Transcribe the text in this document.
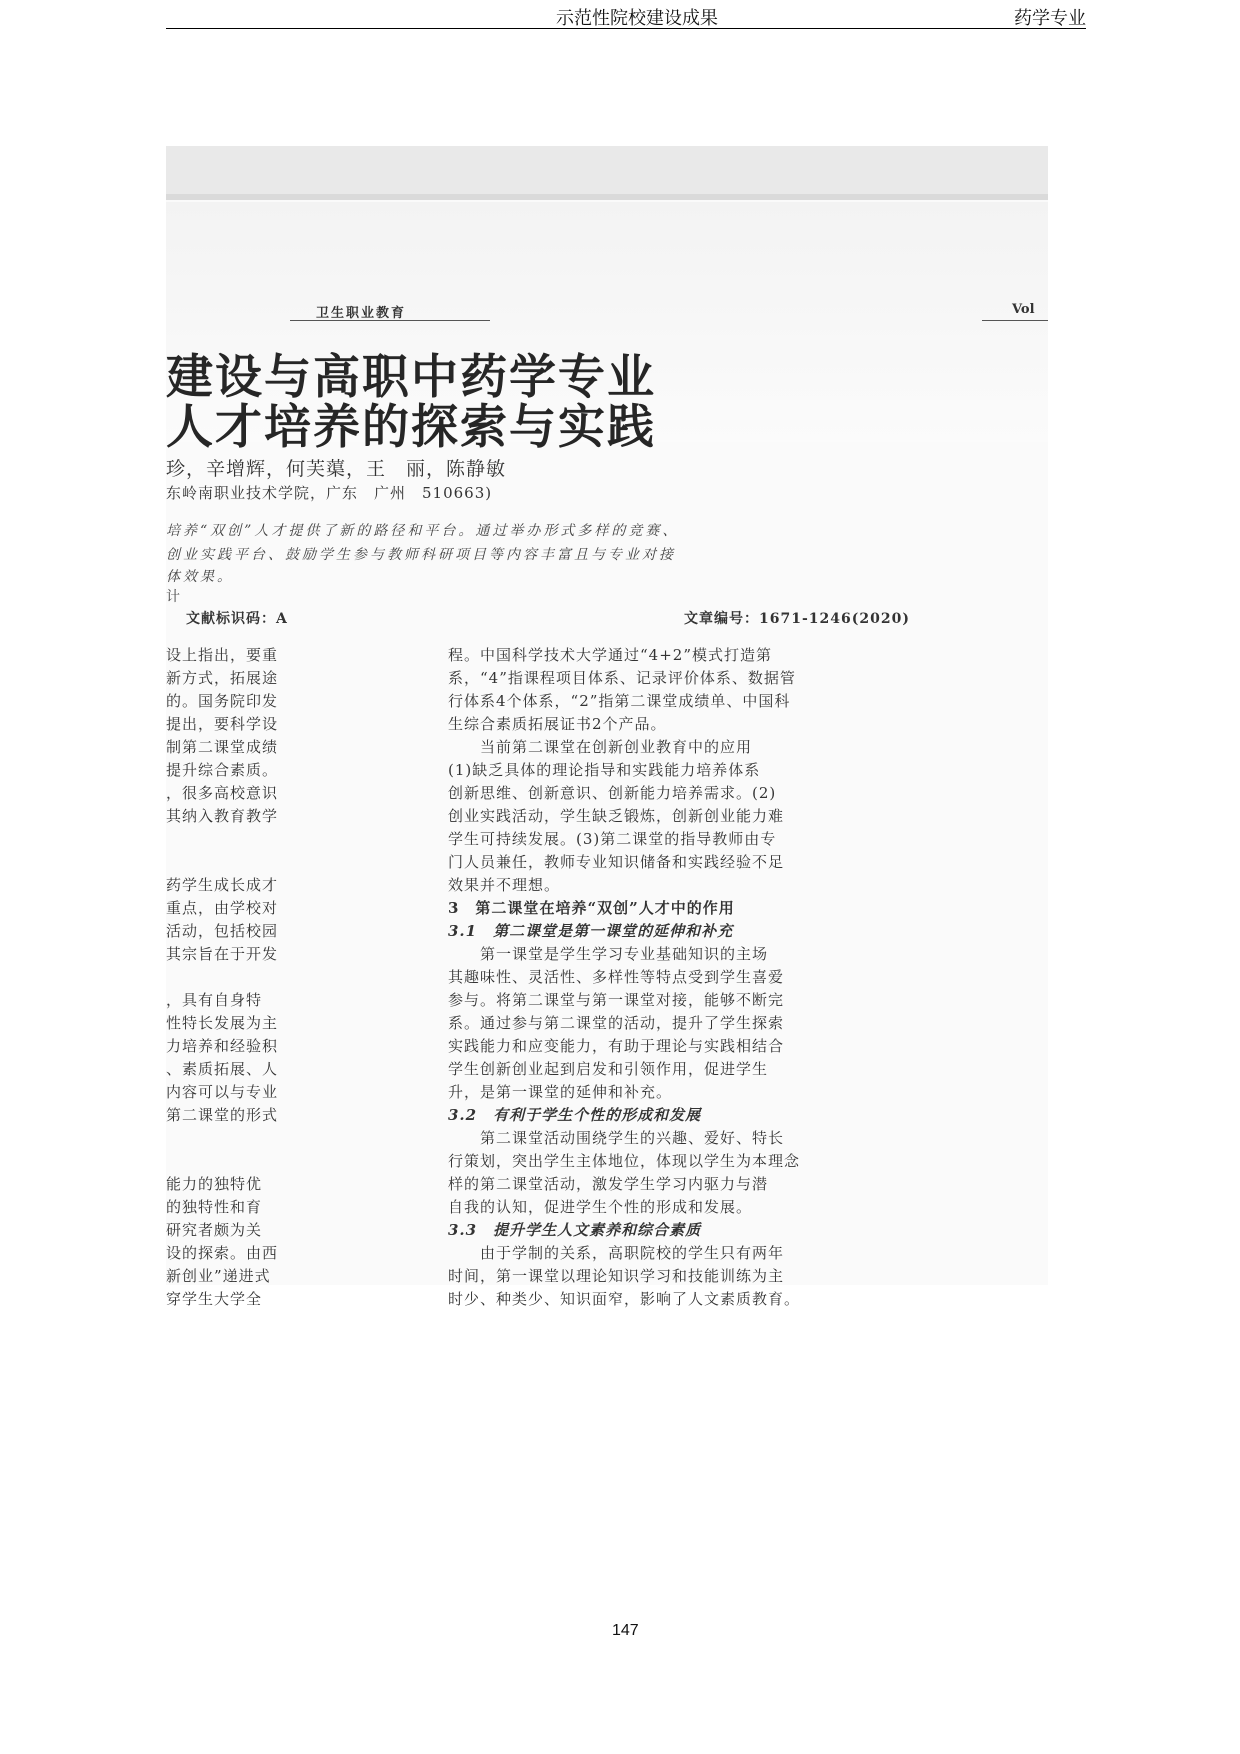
示范性院校建设成果	药学专业
卫生职业教育	Vol
建设与高职中药学专业
人才培养的探索与实践
珍，辛增辉，何芙蕖，王　丽，陈静敏
东岭南职业技术学院，广东　广州　510663)
培养“双创”人才提供了新的路径和平台。通过举办形式多样的竞赛、
创业实践平台、鼓励学生参与教师科研项目等内容丰富且与专业对接
体效果。
计
文献标识码：A	文章编号：1671-1246(2020)
设上指出，要重
新方式，拓展途
的。国务院印发
提出，要科学设
制第二课堂成绩
提升综合素质。
，很多高校意识
其纳入教育教学

药学生成长成才
重点，由学校对
活动，包括校园
其宗旨在于开发

，具有自身特
性特长发展为主
力培养和经验积
、素质拓展、人
内容可以与专业
第二课堂的形式

能力的独特优
的独特性和育
研究者颇为关
设的探索。由西
新创业”递进式
穿学生大学全
程。中国科学技术大学通过“4+2”模式打造第
系，“4”指课程项目体系、记录评价体系、数据管
行体系4个体系，“2”指第二课堂成绩单、中国科
生综合素质拓展证书2个产品。
　　当前第二课堂在创新创业教育中的应用
(1)缺乏具体的理论指导和实践能力培养体系
创新思维、创新意识、创新能力培养需求。(2)
创业实践活动，学生缺乏锻炼，创新创业能力难
学生可持续发展。(3)第二课堂的指导教师由专
门人员兼任，教师专业知识储备和实践经验不足
效果并不理想。
3　第二课堂在培养“双创”人才中的作用
3.1　第二课堂是第一课堂的延伸和补充
　　第一课堂是学生学习专业基础知识的主场
其趣味性、灵活性、多样性等特点受到学生喜爱
参与。将第二课堂与第一课堂对接，能够不断完
系。通过参与第二课堂的活动，提升了学生探索
实践能力和应变能力，有助于理论与实践相结合
学生创新创业起到启发和引领作用，促进学生
升，是第一课堂的延伸和补充。
3.2　有利于学生个性的形成和发展
　　第二课堂活动围绕学生的兴趣、爱好、特长
行策划，突出学生主体地位，体现以学生为本理念
样的第二课堂活动，激发学生学习内驱力与潜
自我的认知，促进学生个性的形成和发展。
3.3　提升学生人文素养和综合素质
　　由于学制的关系，高职院校的学生只有两年
时间，第一课堂以理论知识学习和技能训练为主
时少、种类少、知识面窄，影响了人文素质教育。
147
